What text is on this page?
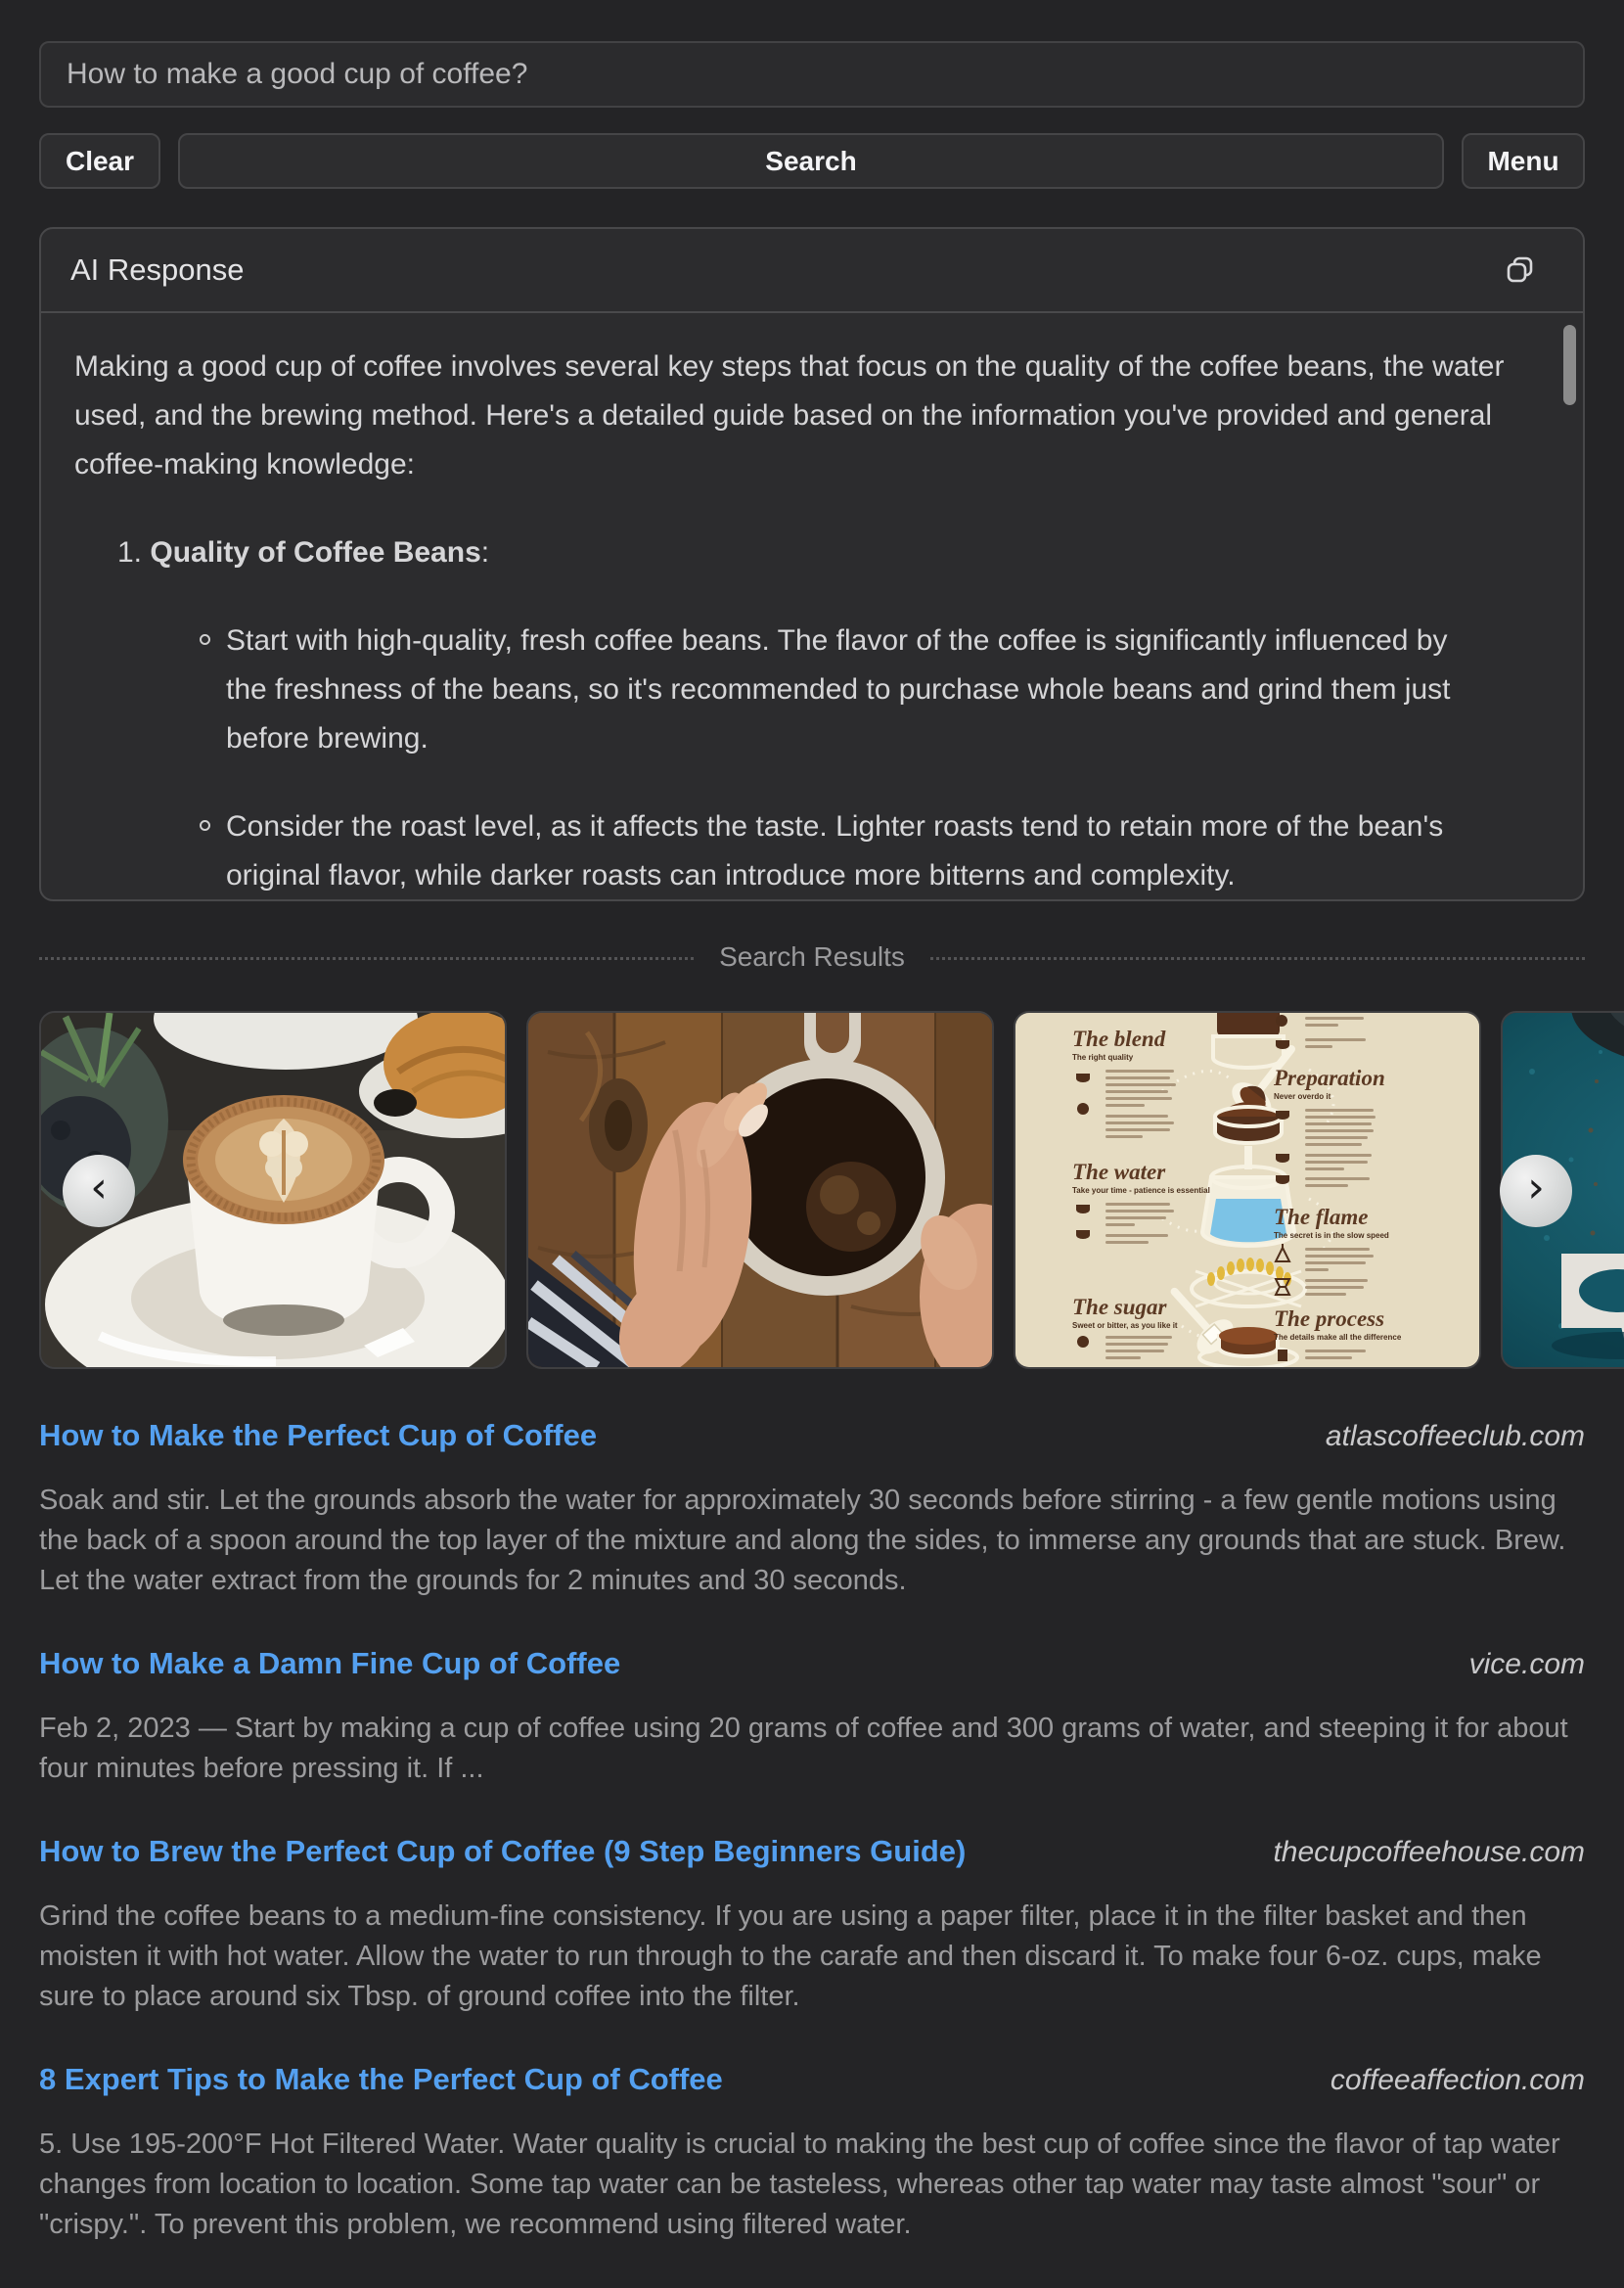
How to make a good cup of coffee?
Clear	Search	Menu
AI Response

Making a good cup of coffee involves several key steps that focus on the quality of the coffee beans, the water used, and the brewing method. Here's a detailed guide based on the information you've provided and general coffee-making knowledge:

1. Quality of Coffee Beans:

Start with high-quality, fresh coffee beans. The flavor of the coffee is significantly influenced by the freshness of the beans, so it's recommended to purchase whole beans and grind them just before brewing.

Consider the roast level, as it affects the taste. Lighter roasts tend to retain more of the bean's original flavor, while darker roasts can introduce more bitterns and complexity.

Search Results
The blend
The right quality
The water
Take your time - patience is essential
The sugar
Sweet or bitter, as you like it
Preparation
Never overdo it
The flame
The secret is in the slow speed
The process
The details make all the difference
‹	›
How to Make the Perfect Cup of Coffee	atlascoffeeclub.com

Soak and stir. Let the grounds absorb the water for approximately 30 seconds before stirring - a few gentle motions using the back of a spoon around the top layer of the mixture and along the sides, to immerse any grounds that are stuck. Brew. Let the water extract from the grounds for 2 minutes and 30 seconds.

How to Make a Damn Fine Cup of Coffee	vice.com

Feb 2, 2023 — Start by making a cup of coffee using 20 grams of coffee and 300 grams of water, and steeping it for about four minutes before pressing it. If ...

How to Brew the Perfect Cup of Coffee (9 Step Beginners Guide)	thecupcoffeehouse.com

Grind the coffee beans to a medium-fine consistency. If you are using a paper filter, place it in the filter basket and then moisten it with hot water. Allow the water to run through to the carafe and then discard it. To make four 6-oz. cups, make sure to place around six Tbsp. of ground coffee into the filter.

8 Expert Tips to Make the Perfect Cup of Coffee	coffeeaffection.com

5. Use 195-200°F Hot Filtered Water. Water quality is crucial to making the best cup of coffee since the flavor of tap water changes from location to location. Some tap water can be tasteless, whereas other tap water may taste almost "sour" or "crispy.". To prevent this problem, we recommend using filtered water.
